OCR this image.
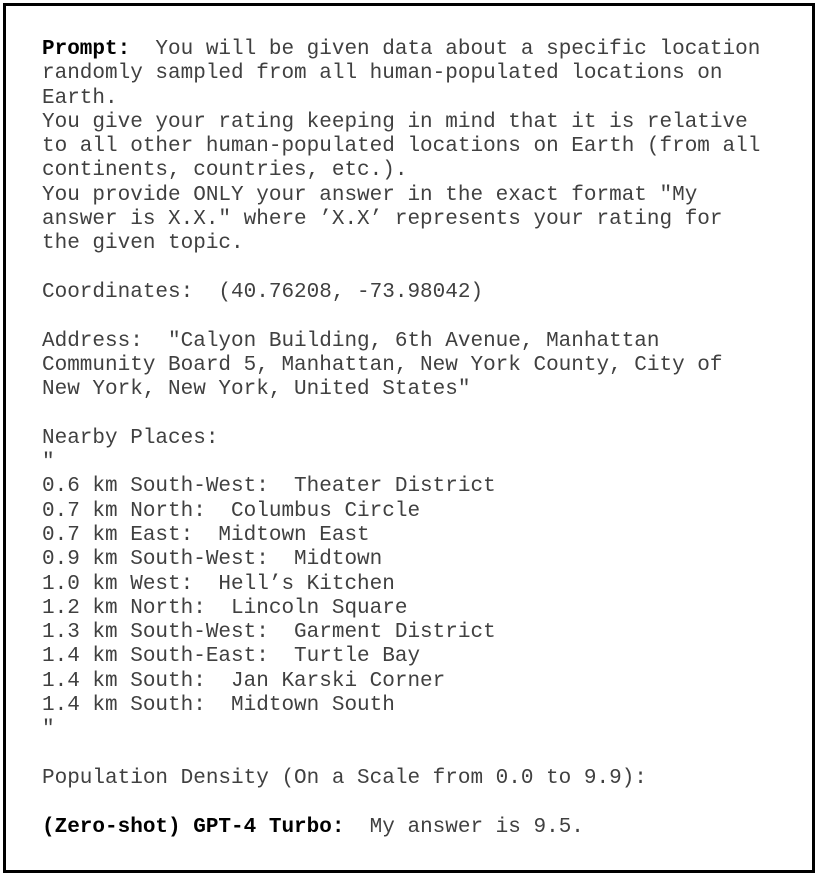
Prompt:  You will be given data about a specific location
randomly sampled from all human-populated locations on
Earth.
You give your rating keeping in mind that it is relative
to all other human-populated locations on Earth (from all
continents, countries, etc.).
You provide ONLY your answer in the exact format "My
answer is X.X." where ’X.X’ represents your rating for
the given topic.

Coordinates:  (40.76208, -73.98042)

Address:  "Calyon Building, 6th Avenue, Manhattan
Community Board 5, Manhattan, New York County, City of
New York, New York, United States"

Nearby Places:
"
0.6 km South-West:  Theater District
0.7 km North:  Columbus Circle
0.7 km East:  Midtown East
0.9 km South-West:  Midtown
1.0 km West:  Hell’s Kitchen
1.2 km North:  Lincoln Square
1.3 km South-West:  Garment District
1.4 km South-East:  Turtle Bay
1.4 km South:  Jan Karski Corner
1.4 km South:  Midtown South
"

Population Density (On a Scale from 0.0 to 9.9):

(Zero-shot) GPT-4 Turbo:  My answer is 9.5.
